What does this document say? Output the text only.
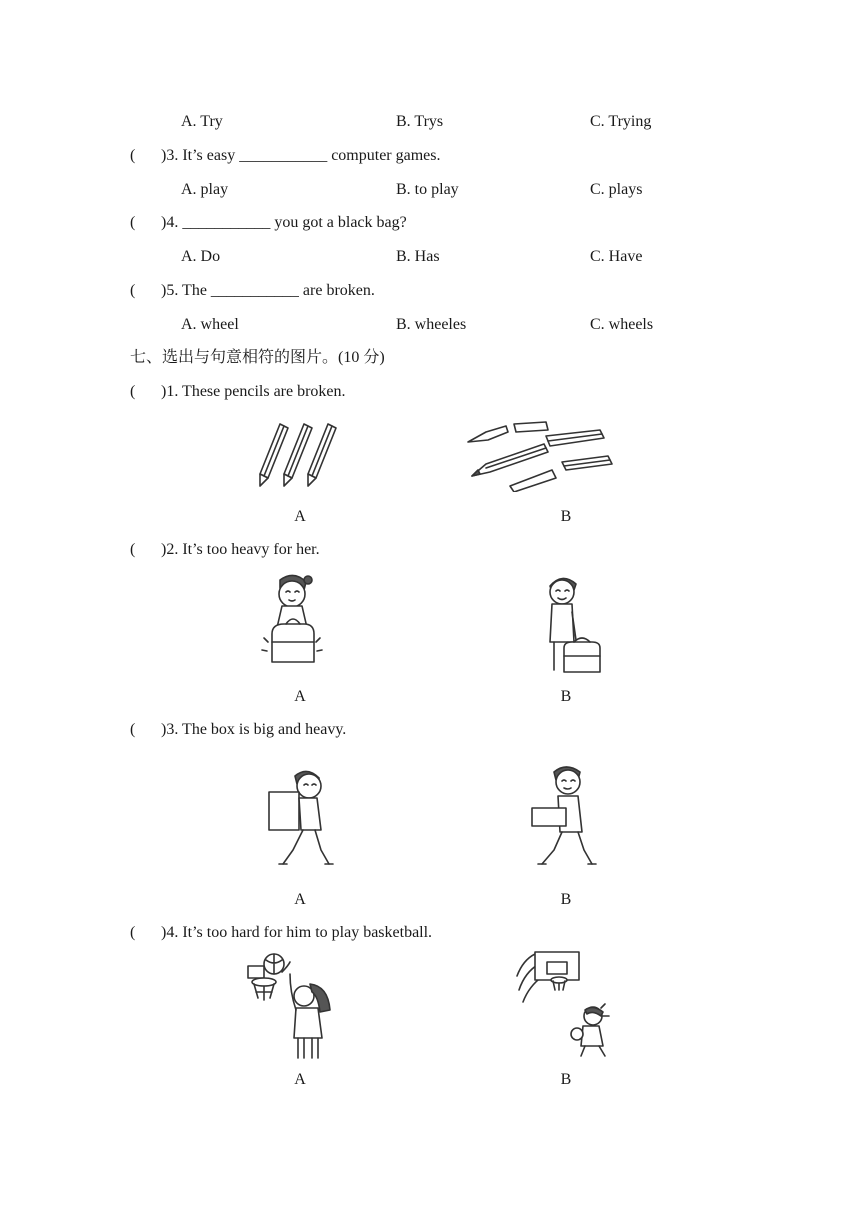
A. Try	B. Trys	C. Trying
( )3. It’s easy ___________ computer games.
A. play	B. to play	C. plays
( )4. ___________ you got a black bag?
A. Do	B. Has	C. Have
( )5. The ___________ are broken.
A. wheel	B. wheeles	C. wheels
七、选出与句意相符的图片。(10 分)
( )1. These pencils are broken.
A	B
( )2. It’s too heavy for her.
A	B
( )3. The box is big and heavy.
A	B
( )4. It’s too hard for him to play basketball.
A	B
